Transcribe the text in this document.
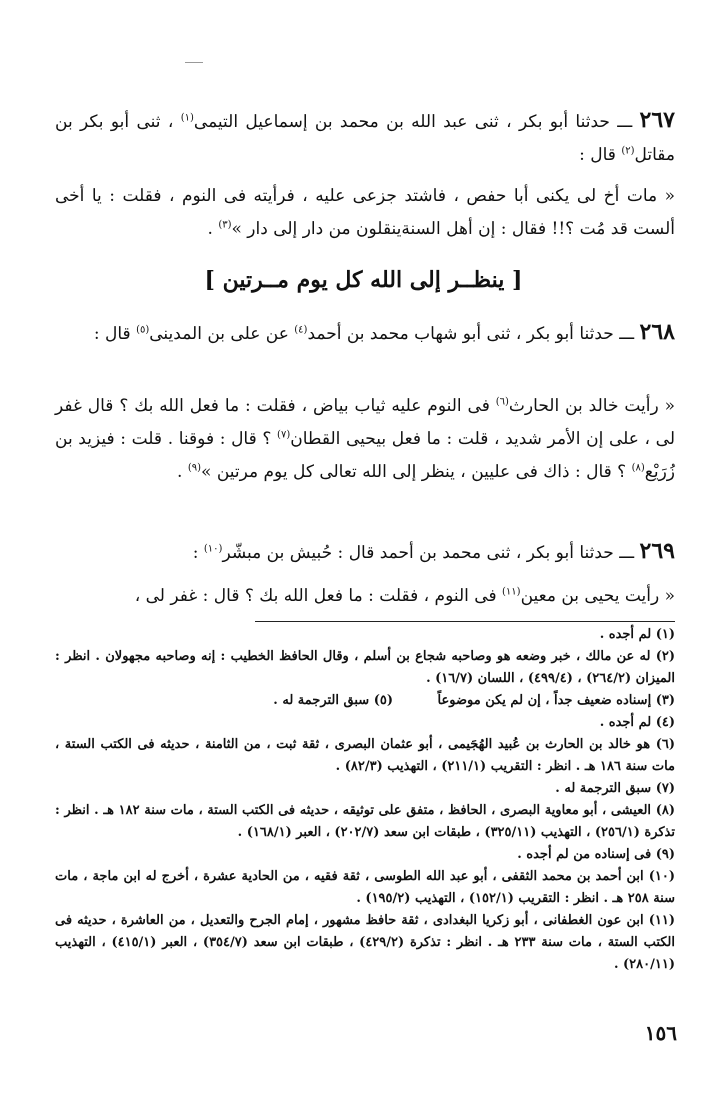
٢٦٧ ـــ حدثنا أبو بكر ، ثنى عبد الله بن محمد بن إسماعيل التيمى$^{(١)}$ ، ثنى أبو بكر بن مقاتل$^{(٢)}$ قال :
« مات أخ لى يكنى أبا حفص ، فاشتد جزعى عليه ، فرأيته فى النوم ، فقلت : يا أخى ألست قد مُت ؟!! فقال : إن أهل السنةينقلون من دار إلى دار »$^{(٣)}$ .
[ ينظــر إلى الله كل يوم مــرتين ]
٢٦٨ ـــ حدثنا أبو بكر ، ثنى أبو شهاب محمد بن أحمد$^{(٤)}$ عن على بن المدينى$^{(٥)}$ قال :
« رأيت خالد بن الحارث$^{(٦)}$ فى النوم عليه ثياب بياض ، فقلت : ما فعل الله بك ؟ قال غفر لى ، على إن الأمر شديد ، قلت : ما فعل بيحيى القطان$^{(٧)}$ ؟ قال : فوقنا . قلت : فيزيد بن زُرَيْع$^{(٨)}$ ؟ قال : ذاك فى عليين ، ينظر إلى الله تعالى كل يوم مرتين »$^{(٩)}$ .
٢٦٩ ـــ حدثنا أبو بكر ، ثنى محمد بن أحمد قال : حُبيش بن مبشّر$^{(١٠)}$ :
« رأيت يحيى بن معين$^{(١١)}$ فى النوم ، فقلت : ما فعل الله بك ؟ قال : غفر لى ،
(١) لم أجده .
(٢) له عن مالك ، خبر وضعه هو وصاحبه شجاع بن أسلم ، وقال الحافظ الخطيب : إنه وصاحبه مجهولان . انظر : الميزان (٢٦٤/٢) ، (٤٩٩/٤) ، اللسان (١٦/٧) .
(٣) إسناده ضعيف جداً ، إن لم يكن موضوعاً (٥) سبق الترجمة له .
(٤) لم أجده .
(٦) هو خالد بن الحارث بن عُبيد الهُجَيمى ، أبو عثمان البصرى ، ثقة ثبت ، من الثامنة ، حديثه فى الكتب الستة ، مات سنة ١٨٦ هـ . انظر : التقريب (٢١١/١) ، التهذيب (٨٢/٣) .
(٧) سبق الترجمة له .
(٨) العيشى ، أبو معاوية البصرى ، الحافظ ، متفق على توثيقه ، حديثه فى الكتب الستة ، مات سنة ١٨٢ هـ . انظر : تذكرة (٢٥٦/١) ، التهذيب (٣٢٥/١١) ، طبقات ابن سعد (٢٠٢/٧) ، العبر (١٦٨/١) .
(٩) فى إسناده من لم أجده .
(١٠) ابن أحمد بن محمد الثقفى ، أبو عبد الله الطوسى ، ثقة فقيه ، من الحادية عشرة ، أخرج له ابن ماجة ، مات سنة ٢٥٨ هـ . انظر : التقريب (١٥٢/١) ، التهذيب (١٩٥/٢) .
(١١) ابن عون الغطفانى ، أبو زكريا البغدادى ، ثقة حافظ مشهور ، إمام الجرح والتعديل ، من العاشرة ، حديثه فى الكتب الستة ، مات سنة ٢٣٣ هـ . انظر : تذكرة (٤٢٩/٢) ، طبقات ابن سعد (٣٥٤/٧) ، العبر (٤١٥/١) ، التهذيب (٢٨٠/١١) .
١٥٦
